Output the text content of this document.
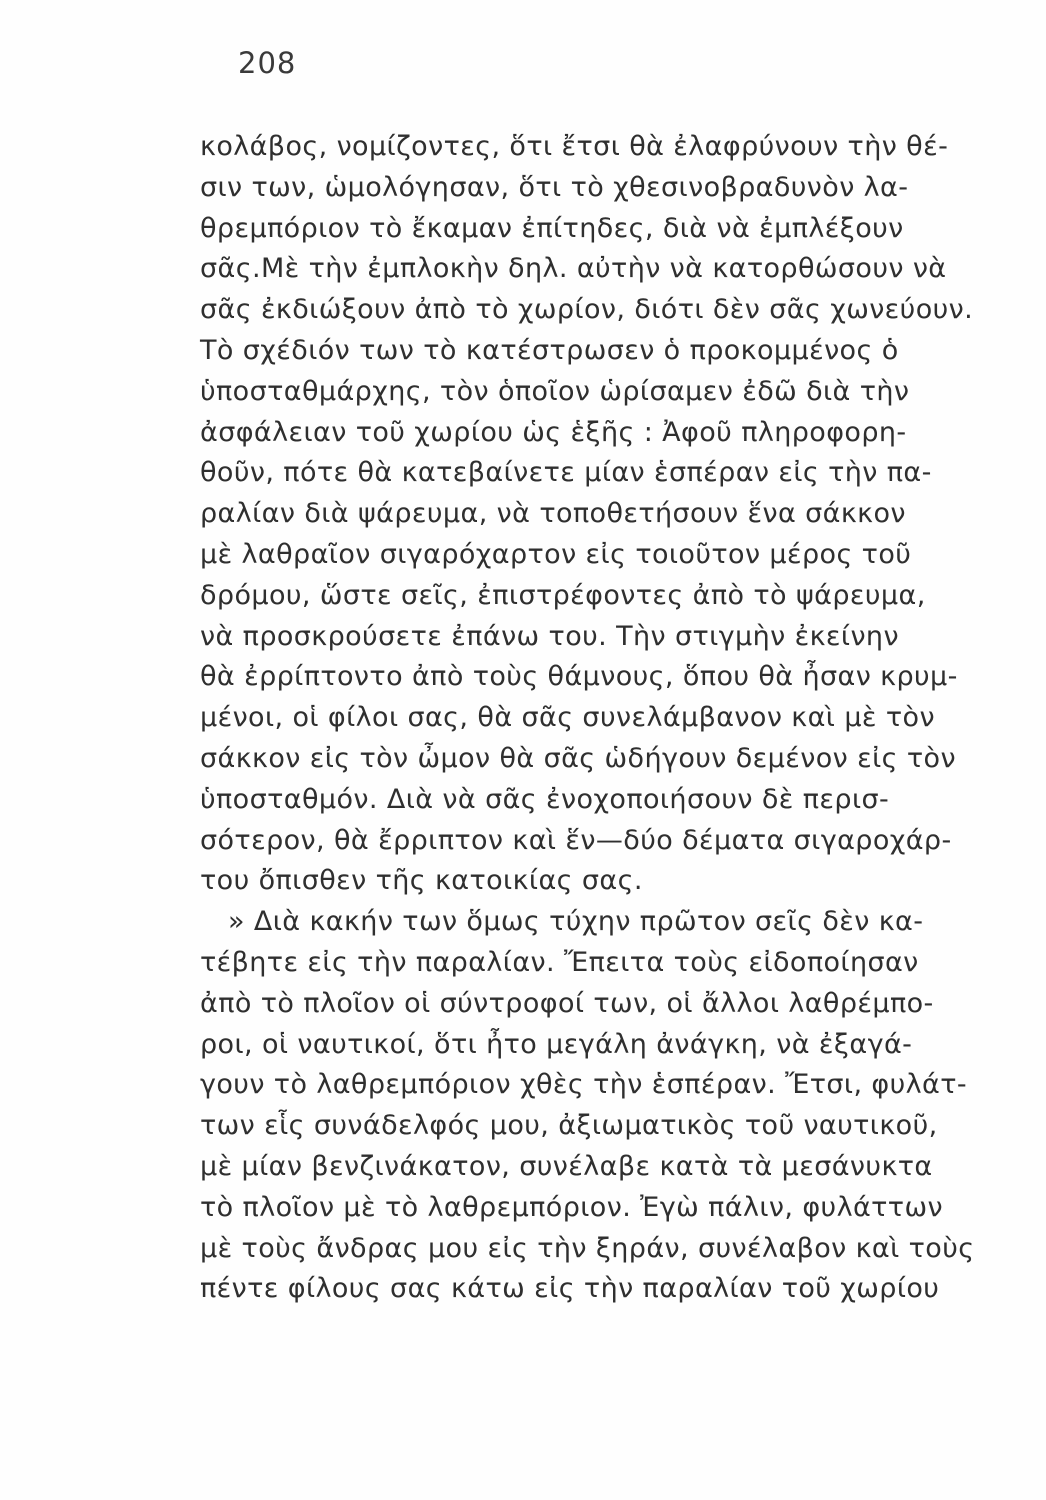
208
κολάβος, νομίζοντες, ὅτι ἔτσι θὰ ἐλαφρύνουν τὴν θέ-
σιν των, ὡμολόγησαν, ὅτι τὸ χθεσινοβραδυνὸν λα-
θρεμπόριον τὸ ἔκαμαν ἐπίτηδες, διὰ νὰ ἐμπλέξουν
σᾶς.Μὲ τὴν ἐμπλοκὴν δηλ. αὐτὴν νὰ κατορθώσουν νὰ
σᾶς ἐκδιώξουν ἀπὸ τὸ χωρίον, διότι δὲν σᾶς χωνεύουν.
Τὸ σχέδιόν των τὸ κατέστρωσεν ὁ προκομμένος ὁ
ὑποσταθμάρχης, τὸν ὁποῖον ὡρίσαμεν ἐδῶ διὰ τὴν
ἀσφάλειαν τοῦ χωρίου ὡς ἑξῆς : Ἀφοῦ πληροφορη-
θοῦν, πότε θὰ κατεβαίνετε μίαν ἑσπέραν εἰς τὴν πα-
ραλίαν διὰ ψάρευμα, νὰ τοποθετήσουν ἕνα σάκκον
μὲ λαθραῖον σιγαρόχαρτον εἰς τοιοῦτον μέρος τοῦ
δρόμου, ὥστε σεῖς, ἐπιστρέφοντες ἀπὸ τὸ ψάρευμα,
νὰ προσκρούσετε ἐπάνω του. Τὴν στιγμὴν ἐκείνην
θὰ ἐρρίπτοντο ἀπὸ τοὺς θάμνους, ὅπου θὰ ἦσαν κρυμ-
μένοι, οἱ φίλοι σας, θὰ σᾶς συνελάμβανον καὶ μὲ τὸν
σάκκον εἰς τὸν ὦμον θὰ σᾶς ὡδήγουν δεμένον εἰς τὸν
ὑποσταθμόν. Διὰ νὰ σᾶς ἐνοχοποιήσουν δὲ περισ-
σότερον, θὰ ἔρριπτον καὶ ἕν—δύο δέματα σιγαροχάρ-
του ὄπισθεν τῆς κατοικίας σας.
» Διὰ κακήν των ὅμως τύχην πρῶτον σεῖς δὲν κα-
τέβητε εἰς τὴν παραλίαν. Ἔπειτα τοὺς εἰδοποίησαν
ἀπὸ τὸ πλοῖον οἱ σύντροφοί των, οἱ ἄλλοι λαθρέμπο-
ροι, οἱ ναυτικοί, ὅτι ἦτο μεγάλη ἀνάγκη, νὰ ἐξαγά-
γουν τὸ λαθρεμπόριον χθὲς τὴν ἑσπέραν. Ἔτσι, φυλάτ-
των εἷς συνάδελφός μου, ἀξιωματικὸς τοῦ ναυτικοῦ,
μὲ μίαν βενζινάκατον, συνέλαβε κατὰ τὰ μεσάνυκτα
τὸ πλοῖον μὲ τὸ λαθρεμπόριον. Ἐγὼ πάλιν, φυλάττων
μὲ τοὺς ἄνδρας μου εἰς τὴν ξηράν, συνέλαβον καὶ τοὺς
πέντε φίλους σας κάτω εἰς τὴν παραλίαν τοῦ χωρίου
